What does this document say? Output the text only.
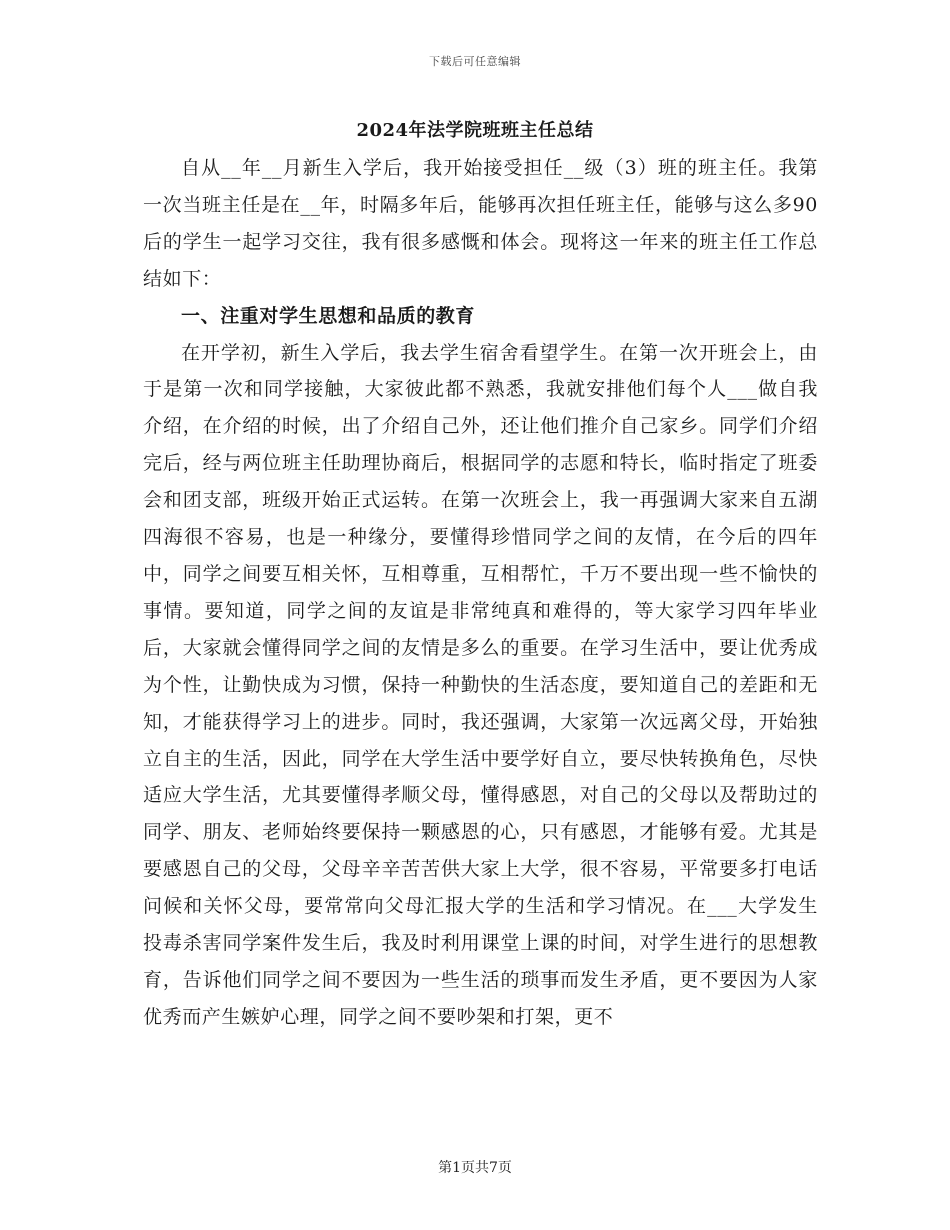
下载后可任意编辑
2024年法学院班班主任总结

自从__年__月新生入学后，我开始接受担任__级（3）班的班主任。我第一次当班主任是在__年，时隔多年后，能够再次担任班主任，能够与这么多90后的学生一起学习交往，我有很多感慨和体会。现将这一年来的班主任工作总结如下：

一、注重对学生思想和品质的教育

在开学初，新生入学后，我去学生宿舍看望学生。在第一次开班会上，由于是第一次和同学接触，大家彼此都不熟悉，我就安排他们每个人___做自我介绍，在介绍的时候，出了介绍自己外，还让他们推介自己家乡。同学们介绍完后，经与两位班主任助理协商后，根据同学的志愿和特长，临时指定了班委会和团支部，班级开始正式运转。在第一次班会上，我一再强调大家来自五湖四海很不容易，也是一种缘分，要懂得珍惜同学之间的友情，在今后的四年中，同学之间要互相关怀，互相尊重，互相帮忙，千万不要出现一些不愉快的事情。要知道，同学之间的友谊是非常纯真和难得的，等大家学习四年毕业后，大家就会懂得同学之间的友情是多么的重要。在学习生活中，要让优秀成为个性，让勤快成为习惯，保持一种勤快的生活态度，要知道自己的差距和无知，才能获得学习上的进步。同时，我还强调，大家第一次远离父母，开始独立自主的生活，因此，同学在大学生活中要学好自立，要尽快转换角色，尽快适应大学生活，尤其要懂得孝顺父母，懂得感恩，对自己的父母以及帮助过的同学、朋友、老师始终要保持一颗感恩的心，只有感恩，才能够有爱。尤其是要感恩自己的父母，父母辛辛苦苦供大家上大学，很不容易，平常要多打电话问候和关怀父母，要常常向父母汇报大学的生活和学习情况。在___大学发生投毒杀害同学案件发生后，我及时利用课堂上课的时间，对学生进行的思想教育，告诉他们同学之间不要因为一些生活的琐事而发生矛盾，更不要因为人家优秀而产生嫉妒心理，同学之间不要吵架和打架，更不

第1页共7页
